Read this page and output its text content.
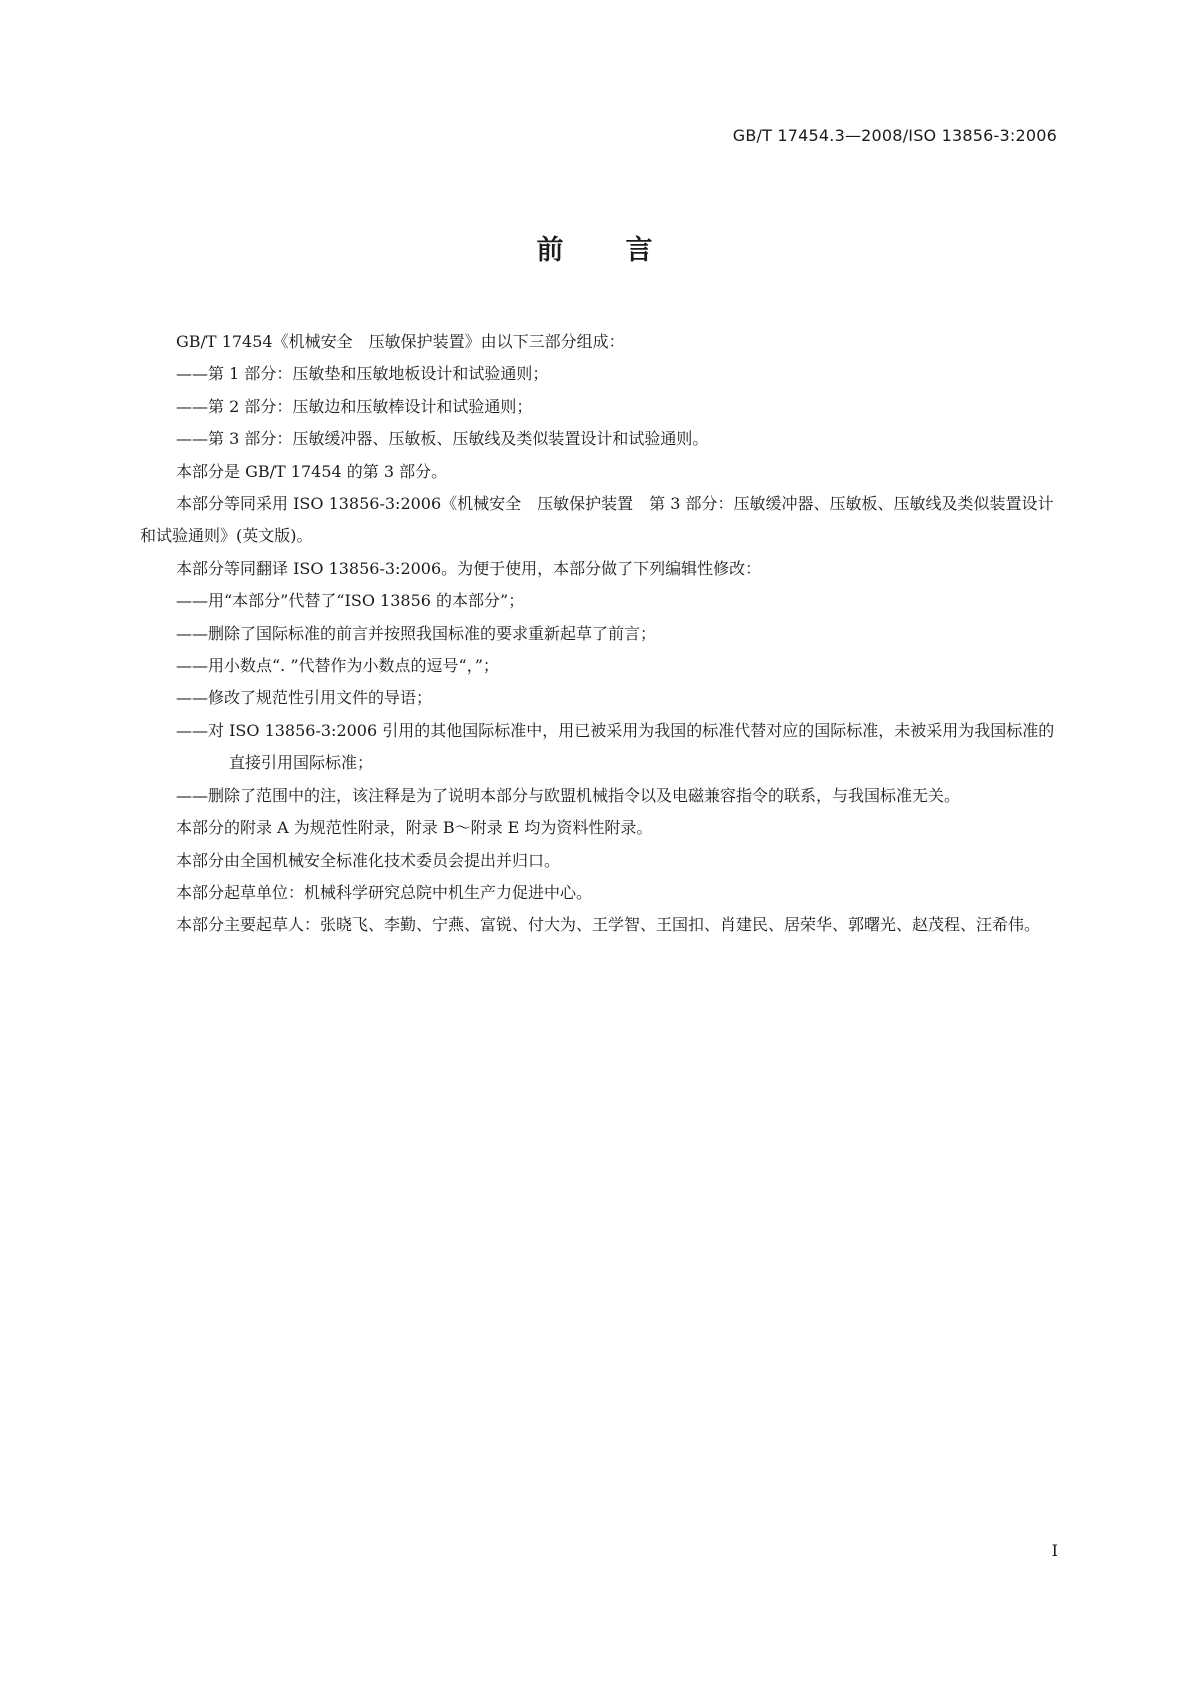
GB/T 17454.3—2008/ISO 13856-3:2006
前 言

GB/T 17454《机械安全　压敏保护装置》由以下三部分组成：

——第 1 部分：压敏垫和压敏地板设计和试验通则；

——第 2 部分：压敏边和压敏棒设计和试验通则；

——第 3 部分：压敏缓冲器、压敏板、压敏线及类似装置设计和试验通则。

本部分是 GB/T 17454 的第 3 部分。

本部分等同采用 ISO 13856-3:2006《机械安全　压敏保护装置　第 3 部分：压敏缓冲器、压敏板、压敏线及类似装置设计和试验通则》(英文版)。

本部分等同翻译 ISO 13856-3:2006。为便于使用，本部分做了下列编辑性修改：

——用“本部分”代替了“ISO 13856 的本部分”；

——删除了国际标准的前言并按照我国标准的要求重新起草了前言；

——用小数点“. ”代替作为小数点的逗号“，”；

——修改了规范性引用文件的导语；

——对 ISO 13856-3:2006 引用的其他国际标准中，用已被采用为我国的标准代替对应的国际标准，未被采用为我国标准的直接引用国际标准；

——删除了范围中的注，该注释是为了说明本部分与欧盟机械指令以及电磁兼容指令的联系，与我国标准无关。

本部分的附录 A 为规范性附录，附录 B～附录 E 均为资料性附录。

本部分由全国机械安全标准化技术委员会提出并归口。

本部分起草单位：机械科学研究总院中机生产力促进中心。

本部分主要起草人：张晓飞、李勤、宁燕、富锐、付大为、王学智、王国扣、肖建民、居荣华、郭曙光、赵茂程、汪希伟。

I
